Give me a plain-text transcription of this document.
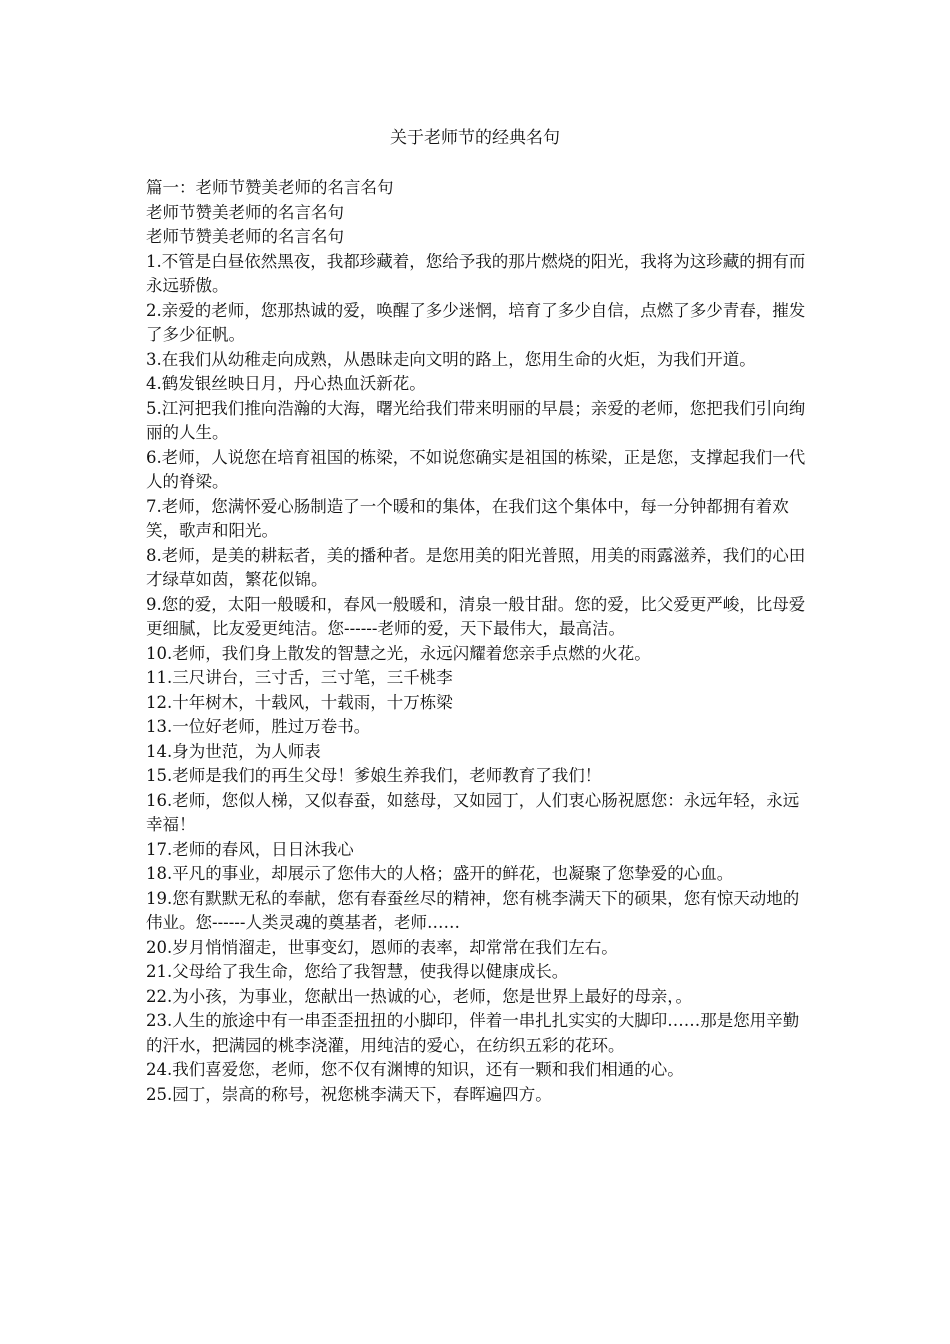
关于老师节的经典名句
篇一：老师节赞美老师的名言名句
老师节赞美老师的名言名句
老师节赞美老师的名言名句
1.不管是白昼依然黑夜，我都珍藏着，您给予我的那片燃烧的阳光，我将为这珍藏的拥有而永远骄傲。
2.亲爱的老师，您那热诚的爱，唤醒了多少迷惘，培育了多少自信，点燃了多少青春，摧发了多少征帆。
3.在我们从幼稚走向成熟，从愚昧走向文明的路上，您用生命的火炬，为我们开道。
4.鹤发银丝映日月，丹心热血沃新花。
5.江河把我们推向浩瀚的大海，曙光给我们带来明丽的早晨；亲爱的老师，您把我们引向绚丽的人生。
6.老师，人说您在培育祖国的栋梁，不如说您确实是祖国的栋梁，正是您，支撑起我们一代人的脊梁。
7.老师，您满怀爱心肠制造了一个暖和的集体，在我们这个集体中，每一分钟都拥有着欢笑，歌声和阳光。
8.老师，是美的耕耘者，美的播种者。是您用美的阳光普照，用美的雨露滋养，我们的心田才绿草如茵，繁花似锦。
9.您的爱，太阳一般暖和，春风一般暖和，清泉一般甘甜。您的爱，比父爱更严峻，比母爱更细腻，比友爱更纯洁。您------老师的爱，天下最伟大，最高洁。
10.老师，我们身上散发的智慧之光，永远闪耀着您亲手点燃的火花。
11.三尺讲台，三寸舌，三寸笔，三千桃李
12.十年树木，十载风，十载雨，十万栋梁
13.一位好老师，胜过万卷书。
14.身为世范，为人师表
15.老师是我们的再生父母！爹娘生养我们，老师教育了我们！
16.老师，您似人梯，又似春蚕，如慈母，又如园丁，人们衷心肠祝愿您：永远年轻，永远幸福！
17.老师的春风，日日沐我心
18.平凡的事业，却展示了您伟大的人格；盛开的鲜花，也凝聚了您挚爱的心血。
19.您有默默无私的奉献，您有春蚕丝尽的精神，您有桃李满天下的硕果，您有惊天动地的伟业。您------人类灵魂的奠基者，老师……
20.岁月悄悄溜走，世事变幻，恩师的表率，却常常在我们左右。
21.父母给了我生命，您给了我智慧，使我得以健康成长。
22.为小孩，为事业，您献出一热诚的心，老师，您是世界上最好的母亲，。
23.人生的旅途中有一串歪歪扭扭的小脚印，伴着一串扎扎实实的大脚印……那是您用辛勤的汗水，把满园的桃李浇灌，用纯洁的爱心，在纺织五彩的花环。
24.我们喜爱您，老师，您不仅有渊博的知识，还有一颗和我们相通的心。
25.园丁，崇高的称号，祝您桃李满天下，春晖遍四方。
